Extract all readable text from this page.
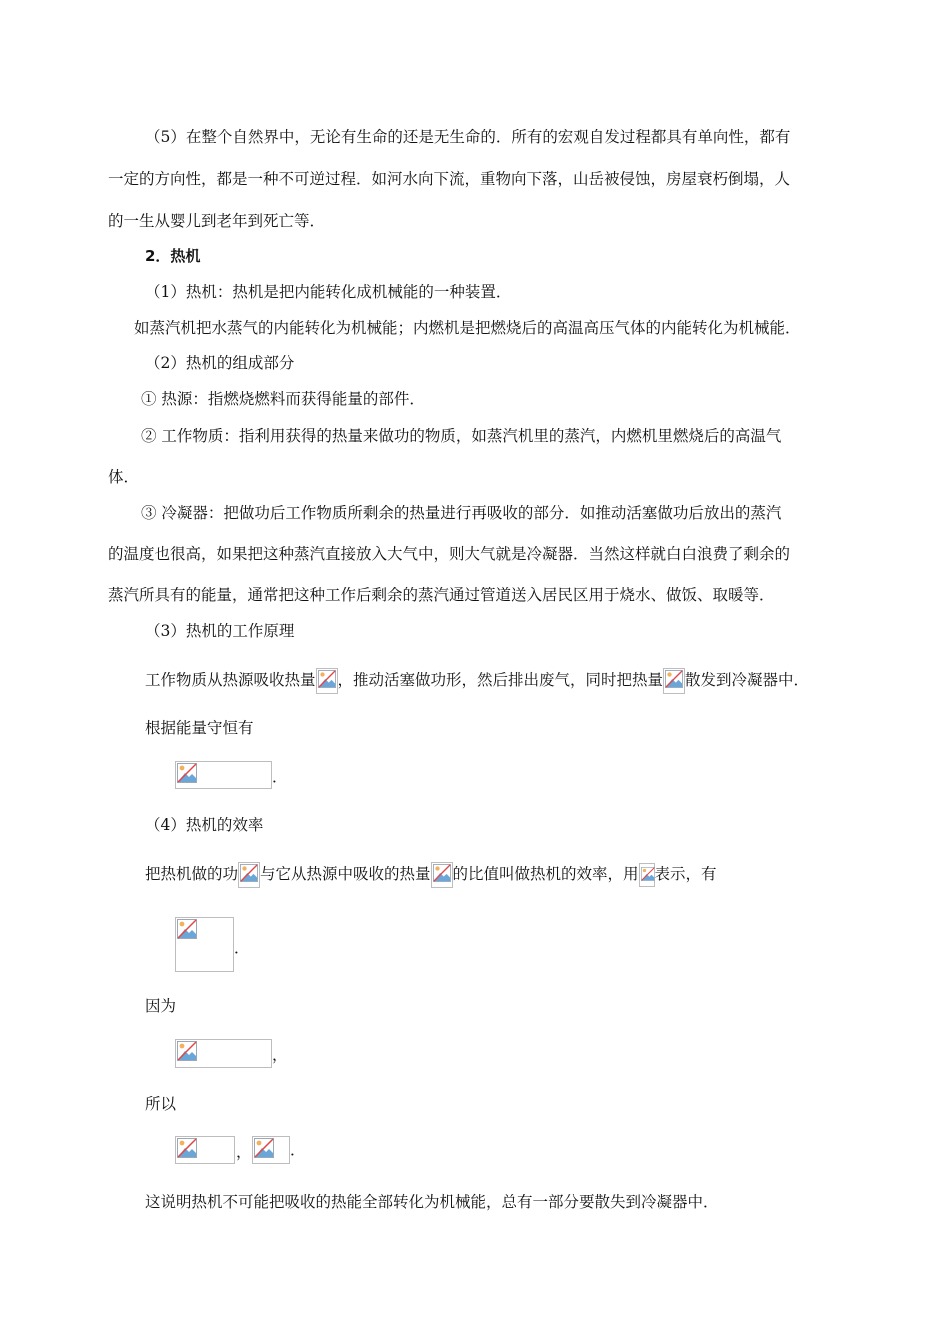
（5）在整个自然界中，无论有生命的还是无生命的．所有的宏观自发过程都具有单向性，都有
一定的方向性，都是一种不可逆过程．如河水向下流，重物向下落，山岳被侵蚀，房屋衰朽倒塌，人
的一生从婴儿到老年到死亡等．
2．热机
（1）热机：热机是把内能转化成机械能的一种装置．
如蒸汽机把水蒸气的内能转化为机械能；内燃机是把燃烧后的高温高压气体的内能转化为机械能．
（2）热机的组成部分
① 热源：指燃烧燃料而获得能量的部件．
② 工作物质：指利用获得的热量来做功的物质，如蒸汽机里的蒸汽，内燃机里燃烧后的高温气
体．
③ 冷凝器：把做功后工作物质所剩余的热量进行再吸收的部分．如推动活塞做功后放出的蒸汽
的温度也很高，如果把这种蒸汽直接放入大气中，则大气就是冷凝器．当然这样就白白浪费了剩余的
蒸汽所具有的能量，通常把这种工作后剩余的蒸汽通过管道送入居民区用于烧水、做饭、取暖等．
（3）热机的工作原理
工作物质从热源吸收热量 ，推动活塞做功形，然后排出废气，同时把热量 散发到冷凝器中．
根据能量守恒有
．
（4）热机的效率
把热机做的功 与它从热源中吸收的热量 的比值叫做热机的效率，用 表示，有
．
因为
，
所以
， ．
这说明热机不可能把吸收的热能全部转化为机械能，总有一部分要散失到冷凝器中．
